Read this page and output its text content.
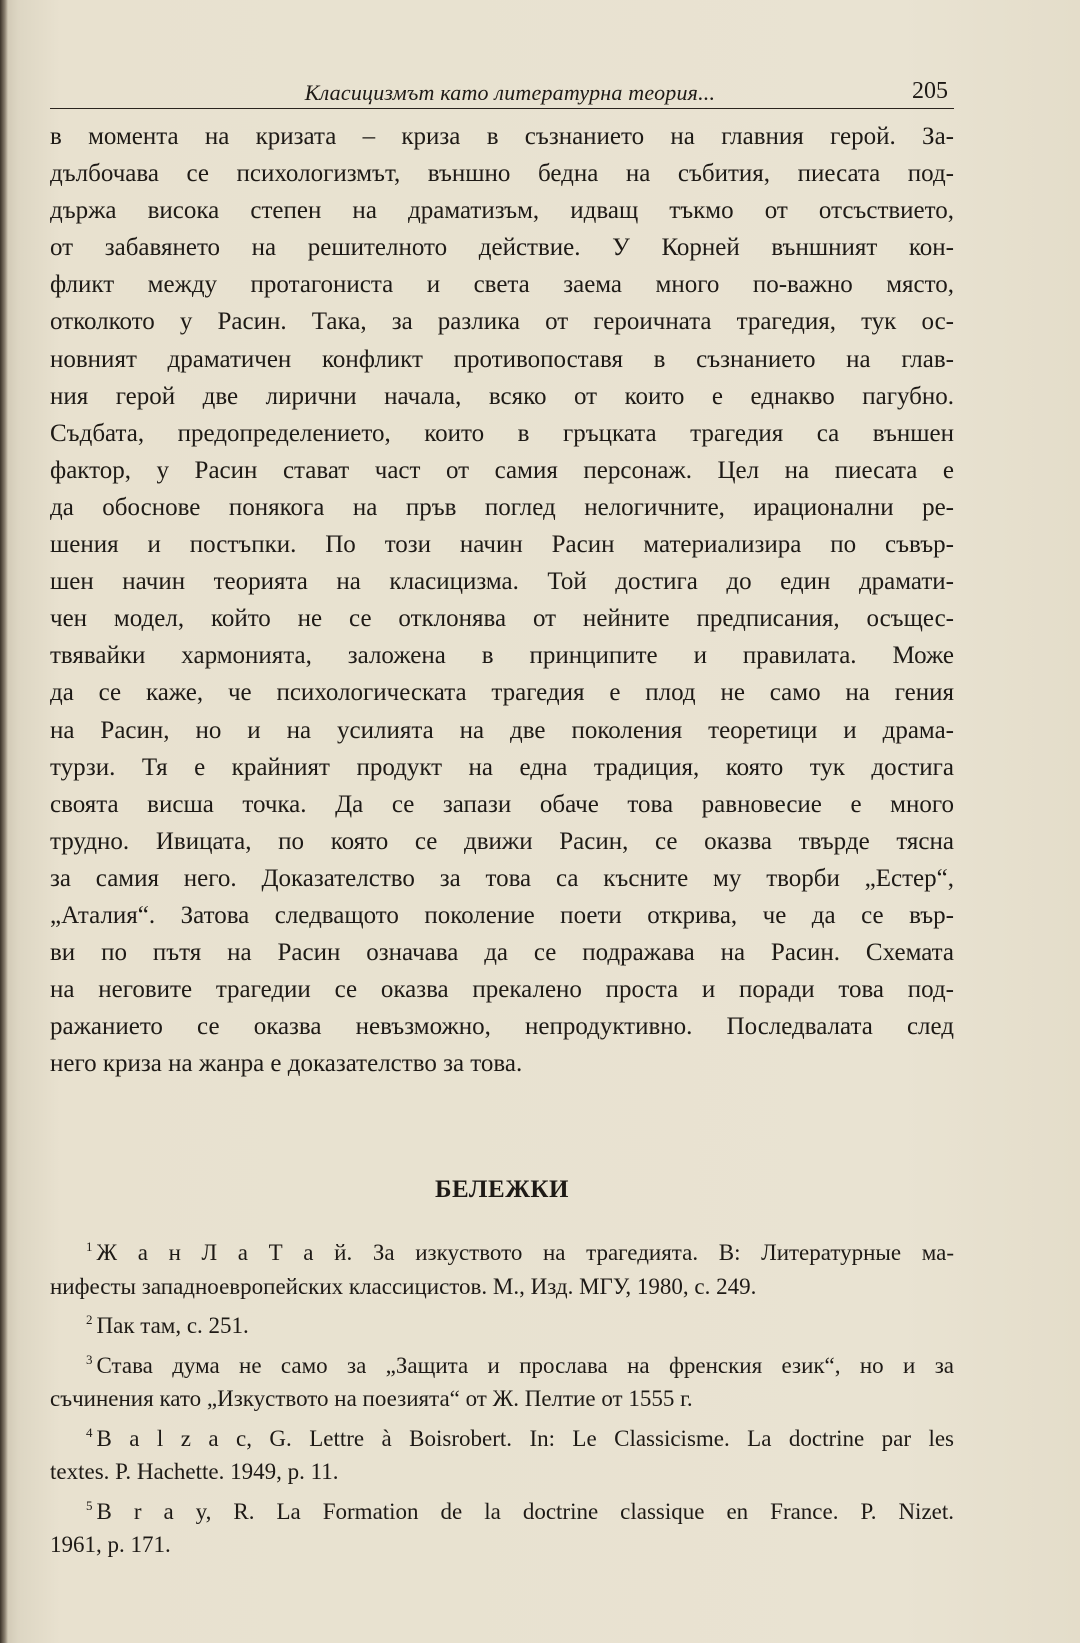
Класицизмът като литературна теория...	205
в момента на кризата – криза в съзнанието на главния герой. За-
дълбочава се психологизмът, външно бедна на събития, пиесата под-
държа висока степен на драматизъм, идващ тъкмо от отсъствието,
от забавянето на решителното действие. У Корней външният кон-
фликт между протагониста и света заема много по-важно място,
отколкото у Расин. Така, за разлика от героичната трагедия, тук ос-
новният драматичен конфликт противопоставя в съзнанието на глав-
ния герой две лирични начала, всяко от които е еднакво пагубно.
Съдбата, предопределението, които в гръцката трагедия са външен
фактор, у Расин стават част от самия персонаж. Цел на пиесата е
да обоснове понякога на пръв поглед нелогичните, ирационални ре-
шения и постъпки. По този начин Расин материализира по съвър-
шен начин теорията на класицизма. Той достига до един драмати-
чен модел, който не се отклонява от нейните предписания, осъщес-
твявайки хармонията, заложена в принципите и правилата. Може
да се каже, че психологическата трагедия е плод не само на гения
на Расин, но и на усилията на две поколения теоретици и драма-
турзи. Тя е крайният продукт на една традиция, която тук достига
своята висша точка. Да се запази обаче това равновесие е много
трудно. Ивицата, по която се движи Расин, се оказва твърде тясна
за самия него. Доказателство за това са късните му творби „Естер“,
„Аталия“. Затова следващото поколение поети открива, че да се вър-
ви по пътя на Расин означава да се подражава на Расин. Схемата
на неговите трагедии се оказва прекалено проста и поради това под-
ражанието се оказва невъзможно, непродуктивно. Последвалата след
него криза на жанра е доказателство за това.
БЕЛЕЖКИ
$^1$ Ж а н Л а Т а й. За изкуството на трагедията. В: Литературные ма-
нифесты западноевропейских классицистов. М., Изд. МГУ, 1980, с. 249.
$^2$ Пак там, с. 251.
$^3$ Става дума не само за „Защита и прослава на френския език“, но и за
съчинения като „Изкуството на поезията“ от Ж. Пелтие от 1555 г.
$^4$ B a l z a c, G. Lettre à Boisrobert. In: Le Classicisme. La doctrine par les
textes. P. Hachette. 1949, p. 11.
$^5$ B r a y, R. La Formation de la doctrine classique en France. P. Nizet.
1961, p. 171.
